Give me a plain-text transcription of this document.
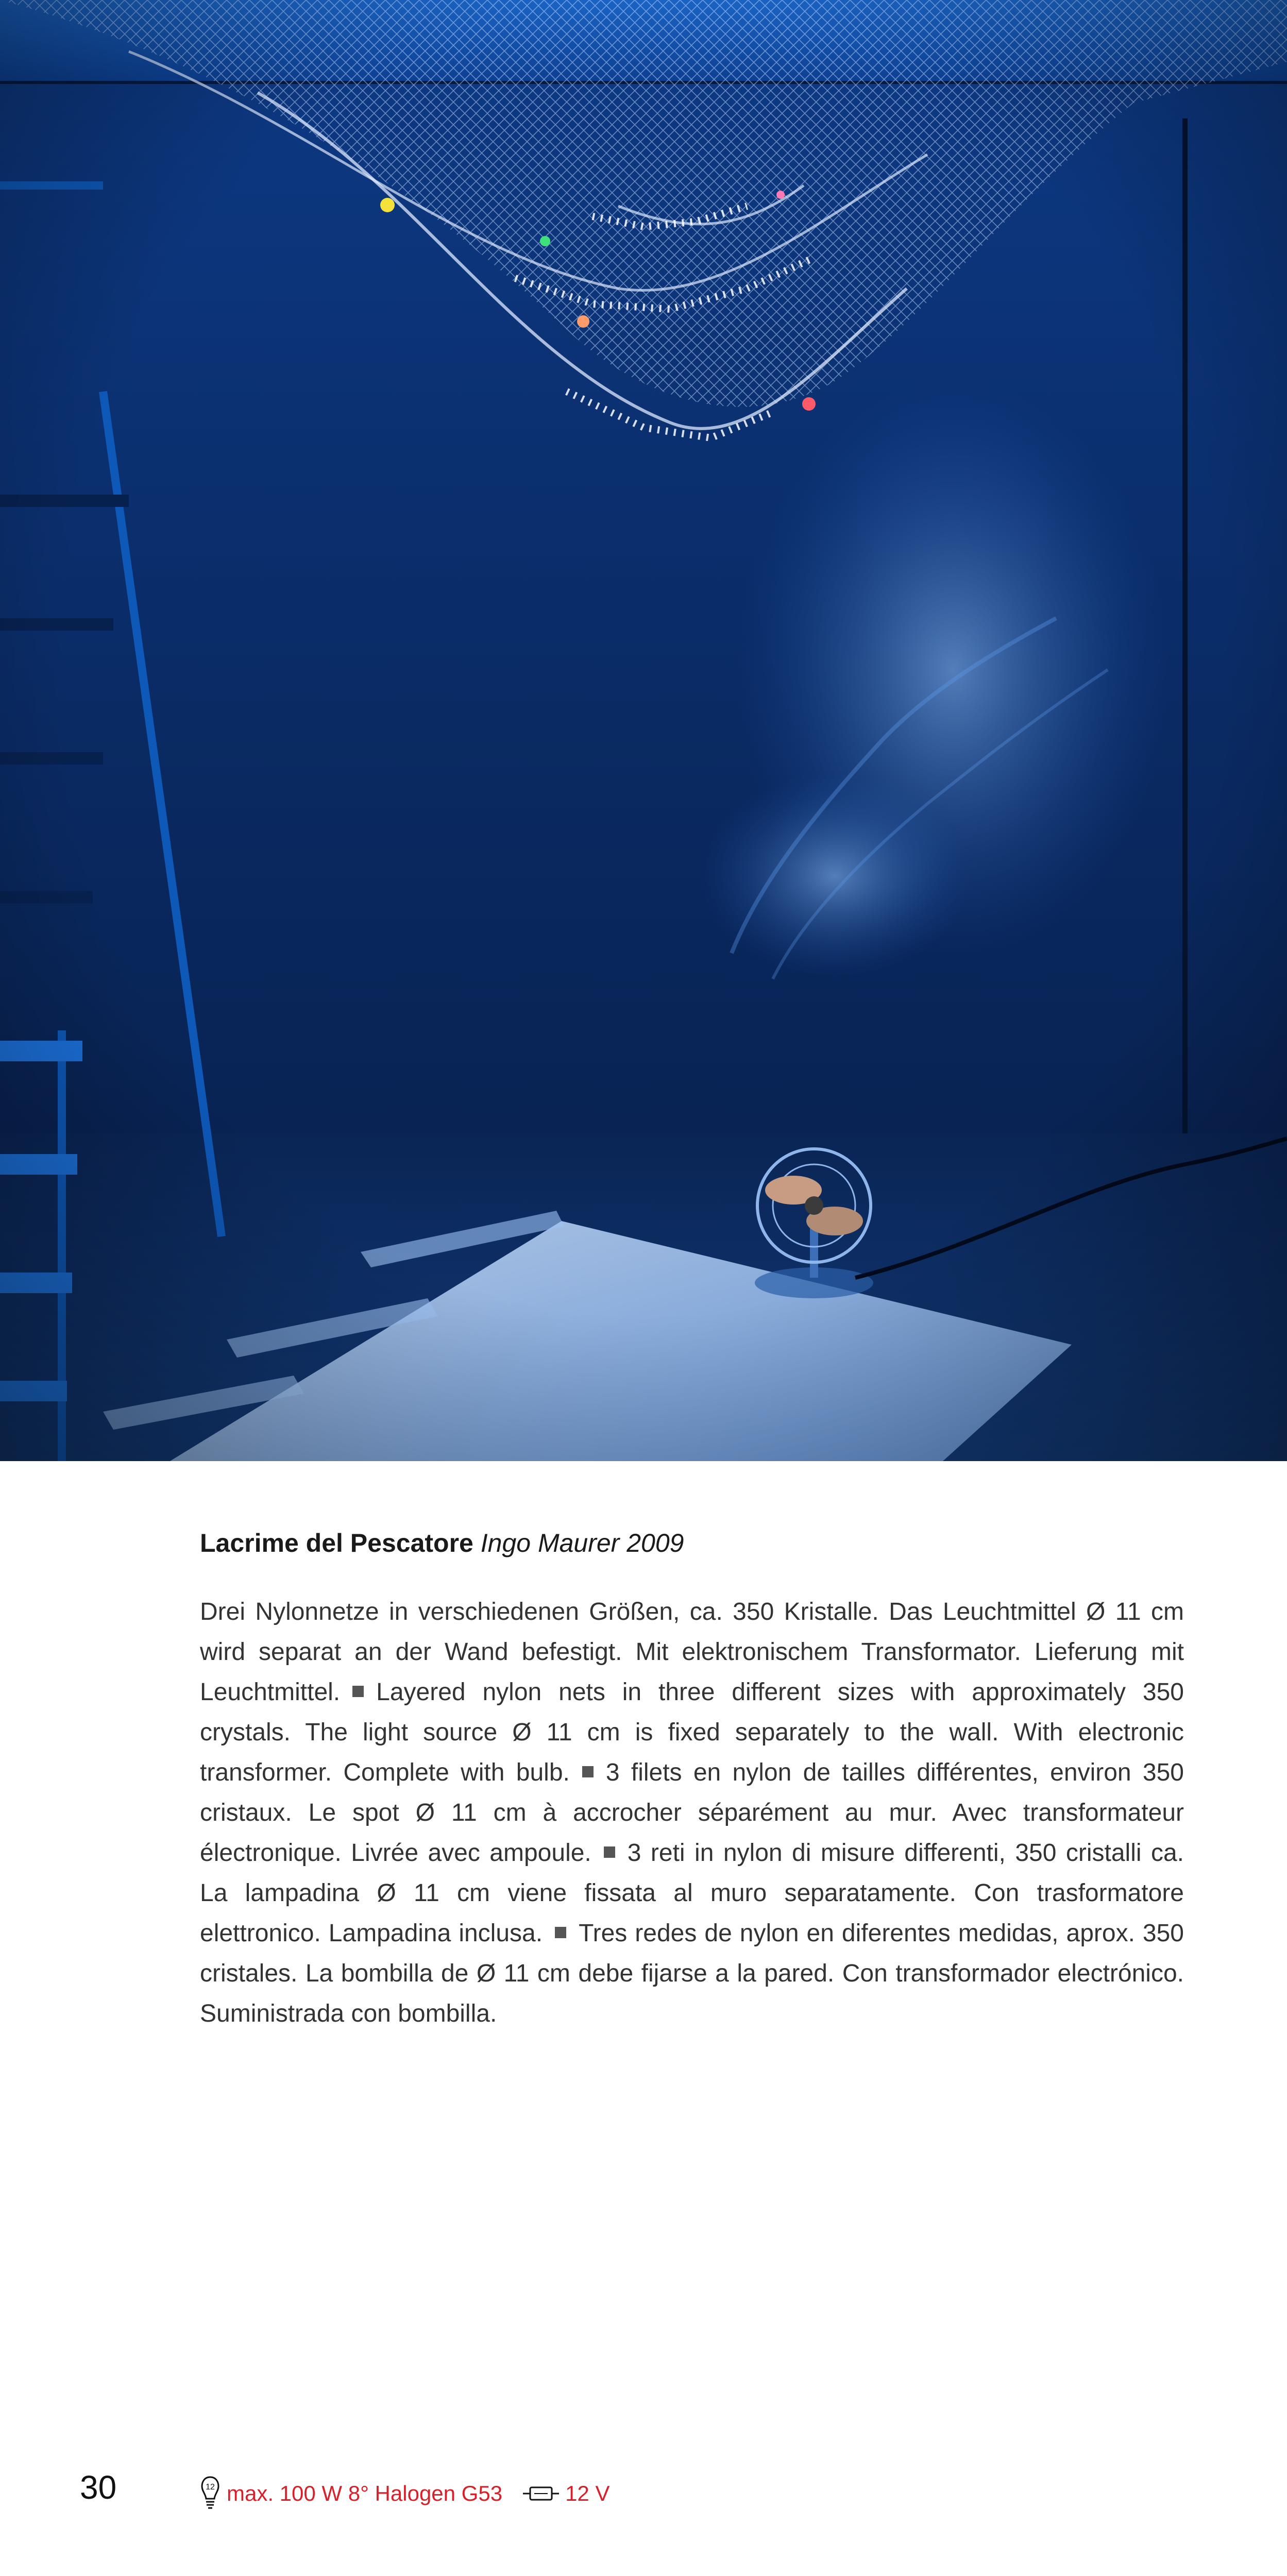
Lacrime del Pescatore Ingo Maurer 2009
Drei Nylonnetze in verschiedenen Größen, ca. 350 Kristalle. Das Leuchtmittel Ø 11 cm wird separat an der Wand befestigt. Mit elektronischem Transformator. Lieferung mit Leuchtmittel. Layered nylon nets in three different sizes with approximately 350 crystals. The light source Ø 11 cm is fixed separately to the wall. With electronic transformer. Complete with bulb. 3 filets en nylon de tailles différentes, environ 350 cristaux. Le spot Ø 11 cm à accrocher séparément au mur. Avec transformateur électronique. Livrée avec ampoule. 3 reti in nylon di misure differenti, 350 cristalli ca. La lampadina Ø 11 cm viene fissata al muro separatamente. Con trasformatore elettronico. Lampadina inclusa. Tres redes de nylon en diferentes medidas, aprox. 350 cristales. La bombilla de Ø 11 cm debe fijarse a la pared. Con transformador electrónico. Suministrada con bombilla.
30	12 max. 100 W 8° Halogen G53	12 V
